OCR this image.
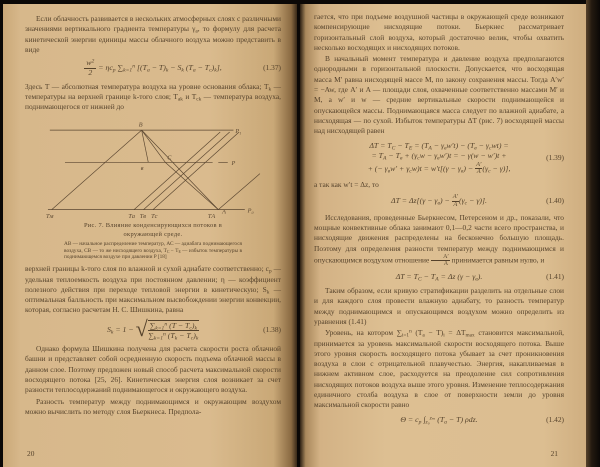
Если облачность развивается в нескольких атмосферных слоях с различными значениями вертикального градиента температуры $\gamma_а$, то формулу для расчета кинетической энергии единицы массы облачного воздуха можно представить в виде

$\frac{w^2}{2} = \eta c_p$ $\sum_{k=1}^n$ [$(T_а - T)_k - S_k$ $(T_а - T_с)_k$],	(1.37)

Здесь T — абсолютная температура воздуха на уровне основания облака; $T_k$ — температуры на верхней границе k-того слоя; $T_{аk}$ и $T_{сk}$ — температура воздуха, поднимающегося от нижней до

B
в
C
A
P₁
P
P₀
Tм	Tа Tв Tс	TА
Рис. 7. Влияние конденсирующихся потоков в окружающей среде.
АВ — начальное распределение температур, АС — адиабата поднимающегося воздуха, СВ — то же нисходящего воздуха, $T_С - T_Е$ — избыток температуры в поднимающемся воздухе при давлении P [18]

верхней границы k-того слоя по влажной и сухой адиабате соответственно; $c_p$ — удельная теплоемкость воздуха при постоянном давлении; η — коэффициент полезного действия при переходе тепловой энергии в кинетическую; $S_k$ — оптимальная балльность при максимальном высвобождении энергии конвекции, которая, согласно расчетам Н. С. Шишкина, равна

$S_k = 1$ − √ $\sum_{k=1}^n$ $(T - T_с)_k$
$\sum_{k=1}^n$ $(T_k - T_с)_k$
(1.38)

Однако формула Шишкина получена для расчета скорости роста облачной башни и представляет собой осредненную скорость подъема облачной массы в данном слое. Поэтому предложен новый способ расчета максимальной скорости восходящего потока [25, 26]. Кинетическая энергия слоя возникает за счет разности теплосодержаний поднимающегося и окружающего воздуха.

Разность температур между поднимающимся и окружающим воздухом можно вычислить по методу слоя Бьеркнеса. Предпола-

20

гается, что при подъеме воздушной частицы в окружающей среде возникают компенсирующие нисходящие потоки. Бьеркнес рассматривает горизонтальный слой воздуха, который достаточно велик, чтобы охватить несколько восходящих и нисходящих потоков.

В начальный момент температура и давление воздуха предполагаются однородными в горизонтальной плоскости. Допускается, что восходящая масса M′ равна нисходящей массе M, по закону сохранения массы. Тогда A′w′ = −Aw, где A′ и A — площади слоя, охваченные соответственно массами M′ и M, а w′ и w — средние вертикальные скорости поднимающейся и опускающейся массы. Поднимающаяся масса следует по влажной адиабате, а нисходящая — по сухой. Избыток температуры ΔT (рис. 7) восходящей массы над нисходящей равен

$\Delta T = T_С - T_Е = (T_А - \gamma_вw't) - (T_в - \gamma_сwt)$ =
= $T_А - T_в + (\gamma_сw - \gamma_вw')t$ = − γ(w − w′)t +
+ (− $\gamma_вw' + \gamma_сw)t = w't[(\gamma - \gamma_в) - \frac{A'}{A} (\gamma_с - \gamma)]$,
(1.39)

а так как w′t = Δz, то

$\Delta T = \Delta z[(\gamma - \gamma_в) - \frac{A'}{A} (\gamma_с - \gamma)]$.	(1.40)

Исследования, проведенные Бьеркнесом, Петерсеном и др., показали, что мощные конвективные облака занимают 0,1—0,2 части всего пространства, и нисходящие движения распределены на бесконечно большую площадь. Поэтому для определения разности температур между поднимающимся и опускающимся воздухом отношение $\frac{A'}{A}$ принимается равным нулю, и

$\Delta T = T_С - T_А = \Delta z$ $(\gamma - \gamma_в)$.	(1.41)

Таким образом, если кривую стратификации разделить на отдельные слои и для каждого слоя провести влажную адиабату, то разность температур между поднимающимся и опускающимся воздухом можно определить из уравнения (1.41)

Уровень, на котором $\sum_{i=1}^n$ $(T_а - T)_i = \Delta T_{max}$ становится максимальной, принимается за уровень максимальной скорости восходящего потока. Выше этого уровня скорость восходящего потока убывает за счет проникновения воздуха в слои с отрицательной плавучестью. Энергия, накапливаемая в нижнем активном слое, расходуется на преодоление сил сопротивления нисходящих потоков воздуха выше этого уровня. Изменение теплосодержания единичного столба воздуха в слое от поверхности земли до уровня максимальной скорости равно

$\Theta = c_p$ $\int_{z_0}^{z_m}$ $(T_а - T)$ ρdz.	(1.42)
21
